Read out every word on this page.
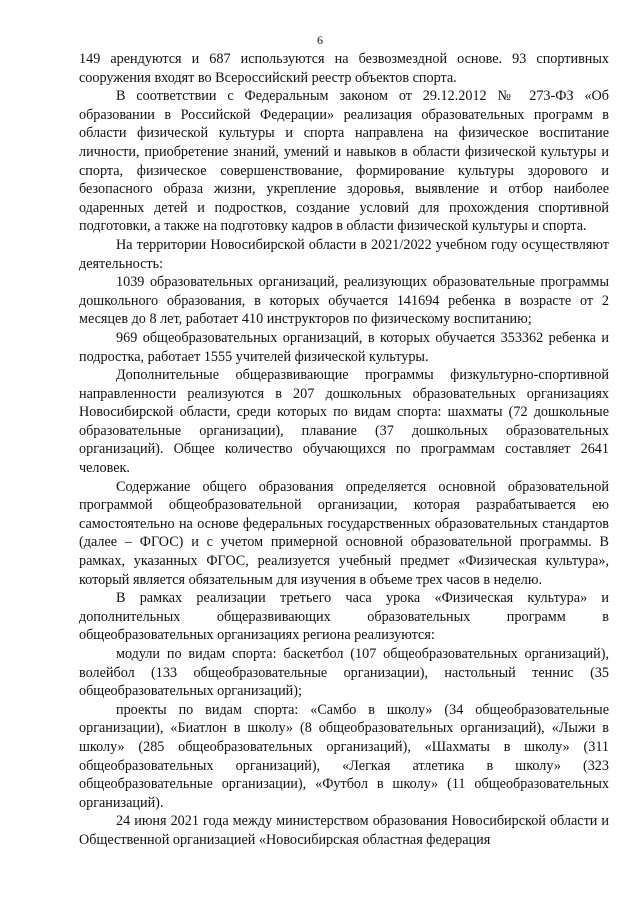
6

149 арендуются и 687 используются на безвозмездной основе. 93 спортивных сооружения входят во Всероссийский реестр объектов спорта.

В соответствии с Федеральным законом от 29.12.2012 № 273-ФЗ «Об образовании в Российской Федерации» реализация образовательных программ в области физической культуры и спорта направлена на физическое воспитание личности, приобретение знаний, умений и навыков в области физической культуры и спорта, физическое совершенствование, формирование культуры здорового и безопасного образа жизни, укрепление здоровья, выявление и отбор наиболее одаренных детей и подростков, создание условий для прохождения спортивной подготовки, а также на подготовку кадров в области физической культуры и спорта.

На территории Новосибирской области в 2021/2022 учебном году осуществляют деятельность:

1039 образовательных организаций, реализующих образовательные программы дошкольного образования, в которых обучается 141694 ребенка в возрасте от 2 месяцев до 8 лет, работает 410 инструкторов по физическому воспитанию;

969 общеобразовательных организаций, в которых обучается 353362 ребенка и подростка, работает 1555 учителей физической культуры.

Дополнительные общеразвивающие программы физкультурно-спортивной направленности реализуются в 207 дошкольных образовательных организациях Новосибирской области, среди которых по видам спорта: шахматы (72 дошкольные образовательные организации), плавание (37 дошкольных образовательных организаций). Общее количество обучающихся по программам составляет 2641 человек.

Содержание общего образования определяется основной образовательной программой общеобразовательной организации, которая разрабатывается ею самостоятельно на основе федеральных государственных образовательных стандартов (далее – ФГОС) и с учетом примерной основной образовательной программы. В рамках, указанных ФГОС, реализуется учебный предмет «Физическая культура», который является обязательным для изучения в объеме трех часов в неделю.

В рамках реализации третьего часа урока «Физическая культура» и дополнительных общеразвивающих образовательных программ в общеобразовательных организациях региона реализуются:

модули по видам спорта: баскетбол (107 общеобразовательных организаций), волейбол (133 общеобразовательные организации), настольный теннис (35 общеобразовательных организаций);

проекты по видам спорта: «Самбо в школу» (34 общеобразовательные организации), «Биатлон в школу» (8 общеобразовательных организаций), «Лыжи в школу» (285 общеобразовательных организаций), «Шахматы в школу» (311 общеобразовательных организаций), «Легкая атлетика в школу» (323 общеобразовательные организации), «Футбол в школу» (11 общеобразовательных организаций).

24 июня 2021 года между министерством образования Новосибирской области и Общественной организацией «Новосибирская областная федерация
